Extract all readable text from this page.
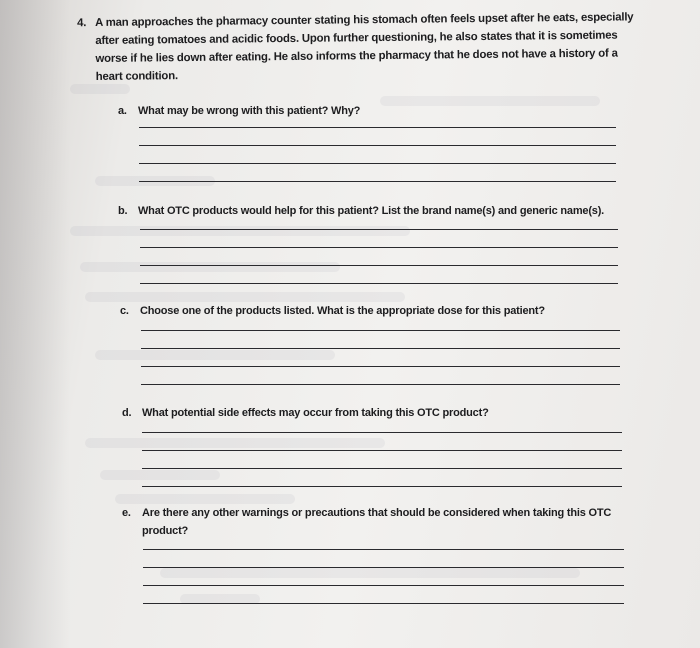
4. A man approaches the pharmacy counter stating his stomach often feels upset after he eats, especially after eating tomatoes and acidic foods. Upon further questioning, he also states that it is sometimes worse if he lies down after eating. He also informs the pharmacy that he does not have a history of a heart condition.
a. What may be wrong with this patient? Why?
b. What OTC products would help for this patient? List the brand name(s) and generic name(s).
c. Choose one of the products listed. What is the appropriate dose for this patient?
d. What potential side effects may occur from taking this OTC product?
e. Are there any other warnings or precautions that should be considered when taking this OTC product?
